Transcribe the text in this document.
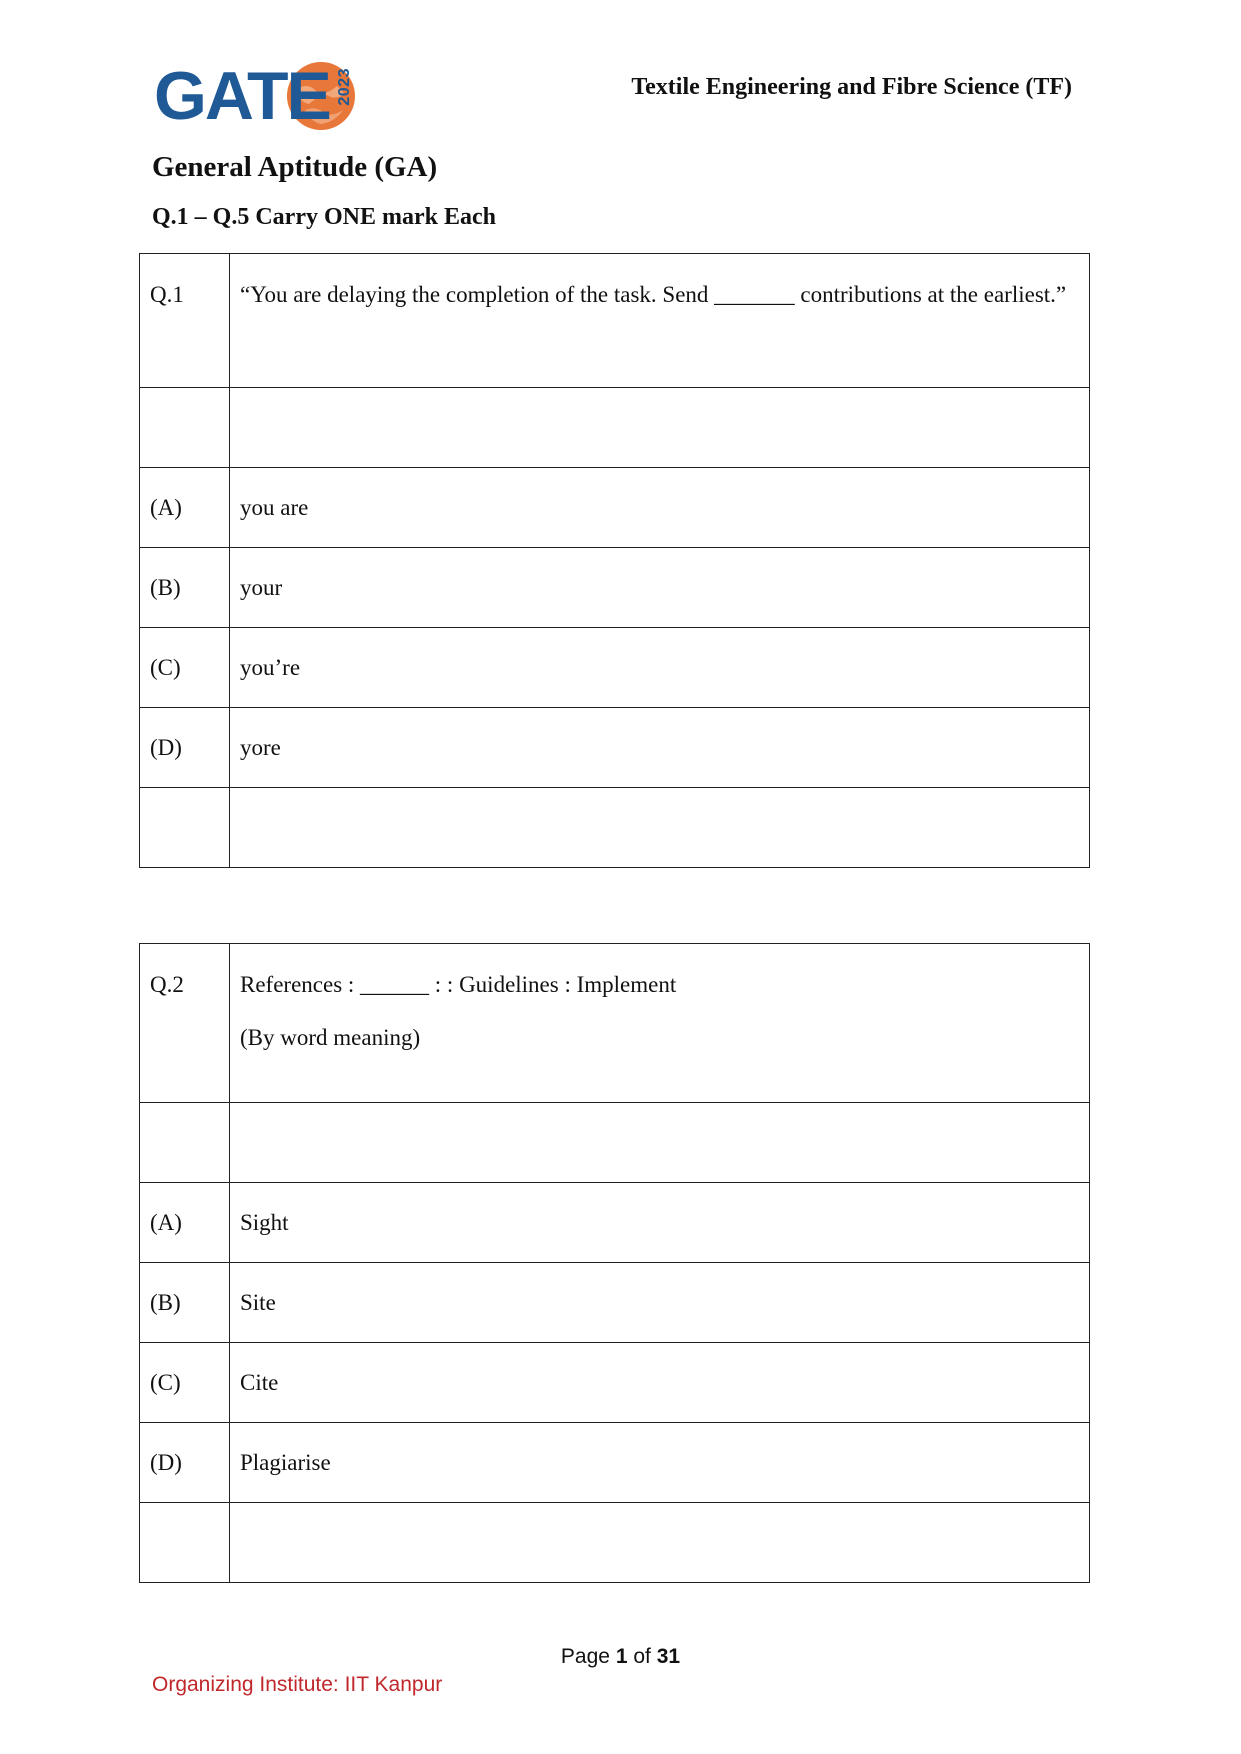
GATE 2023	Textile Engineering and Fibre Science (TF)
General Aptitude (GA)
Q.1 – Q.5 Carry ONE mark Each
Q.1	“You are delaying the completion of the task. Send _______ contributions at the earliest.”

(A)	you are
(B)	your
(C)	you’re
(D)	yore

Q.2	References : ______ : : Guidelines : Implement
(By word meaning)

(A)	Sight
(B)	Site
(C)	Cite
(D)	Plagiarise

Page 1 of 31
Organizing Institute: IIT Kanpur
